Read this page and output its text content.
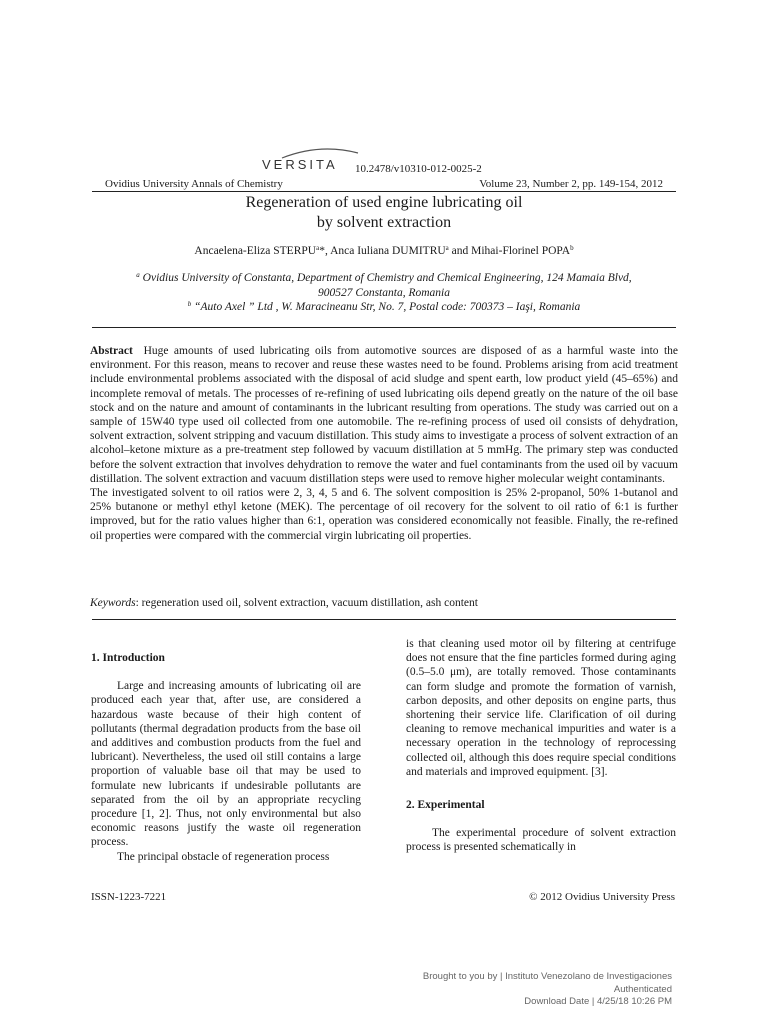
VERSITA 10.2478/v10310-012-0025-2
Ovidius University Annals of Chemistry	Volume 23, Number 2, pp. 149-154, 2012
Regeneration of used engine lubricating oil
by solvent extraction
Ancaelena-Eliza STERPU$^a$*, Anca Iuliana DUMITRU$^a$ and Mihai-Florinel POPA$^b$
$^a$ Ovidius University of Constanta, Department of Chemistry and Chemical Engineering, 124 Mamaia Blvd,
900527 Constanta, Romania
$^b$ “Auto Axel ” Ltd , W. Maracineanu Str, No. 7, Postal code: 700373 – Iaşi, Romania

Abstract Huge amounts of used lubricating oils from automotive sources are disposed of as a harmful waste into the environment. For this reason, means to recover and reuse these wastes need to be found. Problems arising from acid treatment include environmental problems associated with the disposal of acid sludge and spent earth, low product yield (45–65%) and incomplete removal of metals. The processes of re-refining of used lubricating oils depend greatly on the nature of the oil base stock and on the nature and amount of contaminants in the lubricant resulting from operations. The study was carried out on a sample of 15W40 type used oil collected from one automobile. The re-refining process of used oil consists of dehydration, solvent extraction, solvent stripping and vacuum distillation. This study aims to investigate a process of solvent extraction of an alcohol–ketone mixture as a pre-treatment step followed by vacuum distillation at 5 mmHg. The primary step was conducted before the solvent extraction that involves dehydration to remove the water and fuel contaminants from the used oil by vacuum distillation. The solvent extraction and vacuum distillation steps were used to remove higher molecular weight contaminants.

The investigated solvent to oil ratios were 2, 3, 4, 5 and 6. The solvent composition is 25% 2-propanol, 50% 1-butanol and 25% butanone or methyl ethyl ketone (MEK). The percentage of oil recovery for the solvent to oil ratio of 6:1 is further improved, but for the ratio values higher than 6:1, operation was considered economically not feasible. Finally, the re-refined oil properties were compared with the commercial virgin lubricating oil properties.

Keywords: regeneration used oil, solvent extraction, vacuum distillation, ash content

1. Introduction

Large and increasing amounts of lubricating oil are produced each year that, after use, are considered a hazardous waste because of their high content of pollutants (thermal degradation products from the base oil and additives and combustion products from the fuel and lubricant). Nevertheless, the used oil still contains a large proportion of valuable base oil that may be used to formulate new lubricants if undesirable pollutants are separated from the oil by an appropriate recycling procedure [1, 2]. Thus, not only environmental but also economic reasons justify the waste oil regeneration process.

The principal obstacle of regeneration process

is that cleaning used motor oil by filtering at centrifuge does not ensure that the fine particles formed during aging (0.5–5.0 μm), are totally removed. Those contaminants can form sludge and promote the formation of varnish, carbon deposits, and other deposits on engine parts, thus shortening their service life. Clarification of oil during cleaning to remove mechanical impurities and water is a necessary operation in the technology of reprocessing collected oil, although this does require special conditions and materials and improved equipment. [3].

2. Experimental

The experimental procedure of solvent extraction process is presented schematically in

ISSN-1223-7221	© 2012 Ovidius University Press
Brought to you by | Instituto Venezolano de Investigaciones
Authenticated
Download Date | 4/25/18 10:26 PM
